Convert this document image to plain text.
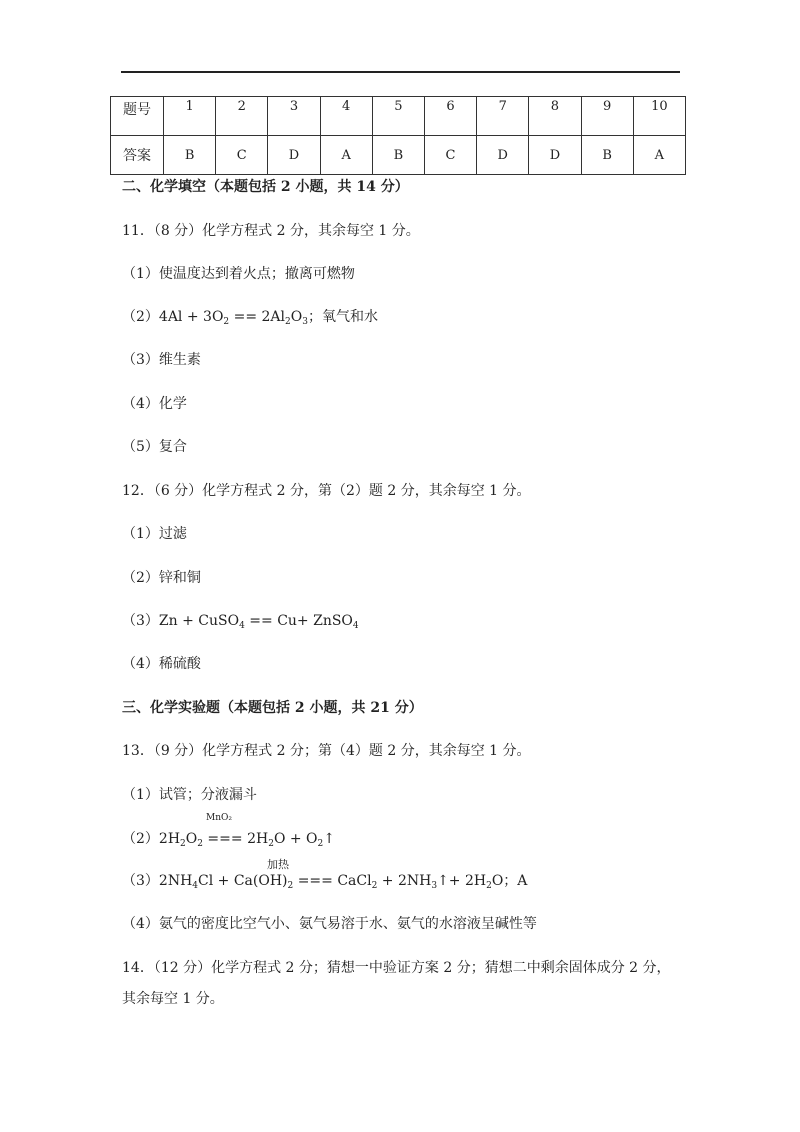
题号	1	2	3	4	5	6	7	8	9	10
答案	B	C	D	A	B	C	D	D	B	A
二、化学填空（本题包括 2 小题，共 14 分）
11．（8 分）化学方程式 2 分，其余每空 1 分。
（1）使温度达到着火点；撤离可燃物
$(2)4Al + 3O_2 == 2Al_2O_3$；氧气和水
（3）维生素
（4）化学
（5）复合
12．（6 分）化学方程式 2 分，第（2）题 2 分，其余每空 1 分。
（1）过滤
（2）锌和铜
（3）Zn + CuSO$_4$ == Cu+ ZnSO$_4$
（4）稀硫酸
三、化学实验题（本题包括 2 小题，共 21 分）
13．（9 分）化学方程式 2 分；第（4）题 2 分，其余每空 1 分。
（1）试管；分液漏斗
MnO₂
$(2)2H_2O_2$ === $2H_2O$ + $O_2↑$
加热
$(3)2NH_4Cl + Ca(OH)_2$ === CaCl$_2$ + $2NH_3↑+ 2H_2O$；A
（4）氨气的密度比空气小、氨气易溶于水、氨气的水溶液呈碱性等
14．（12 分）化学方程式 2 分；猜想一中验证方案 2 分；猜想二中剩余固体成分 2 分，
其余每空 1 分。
